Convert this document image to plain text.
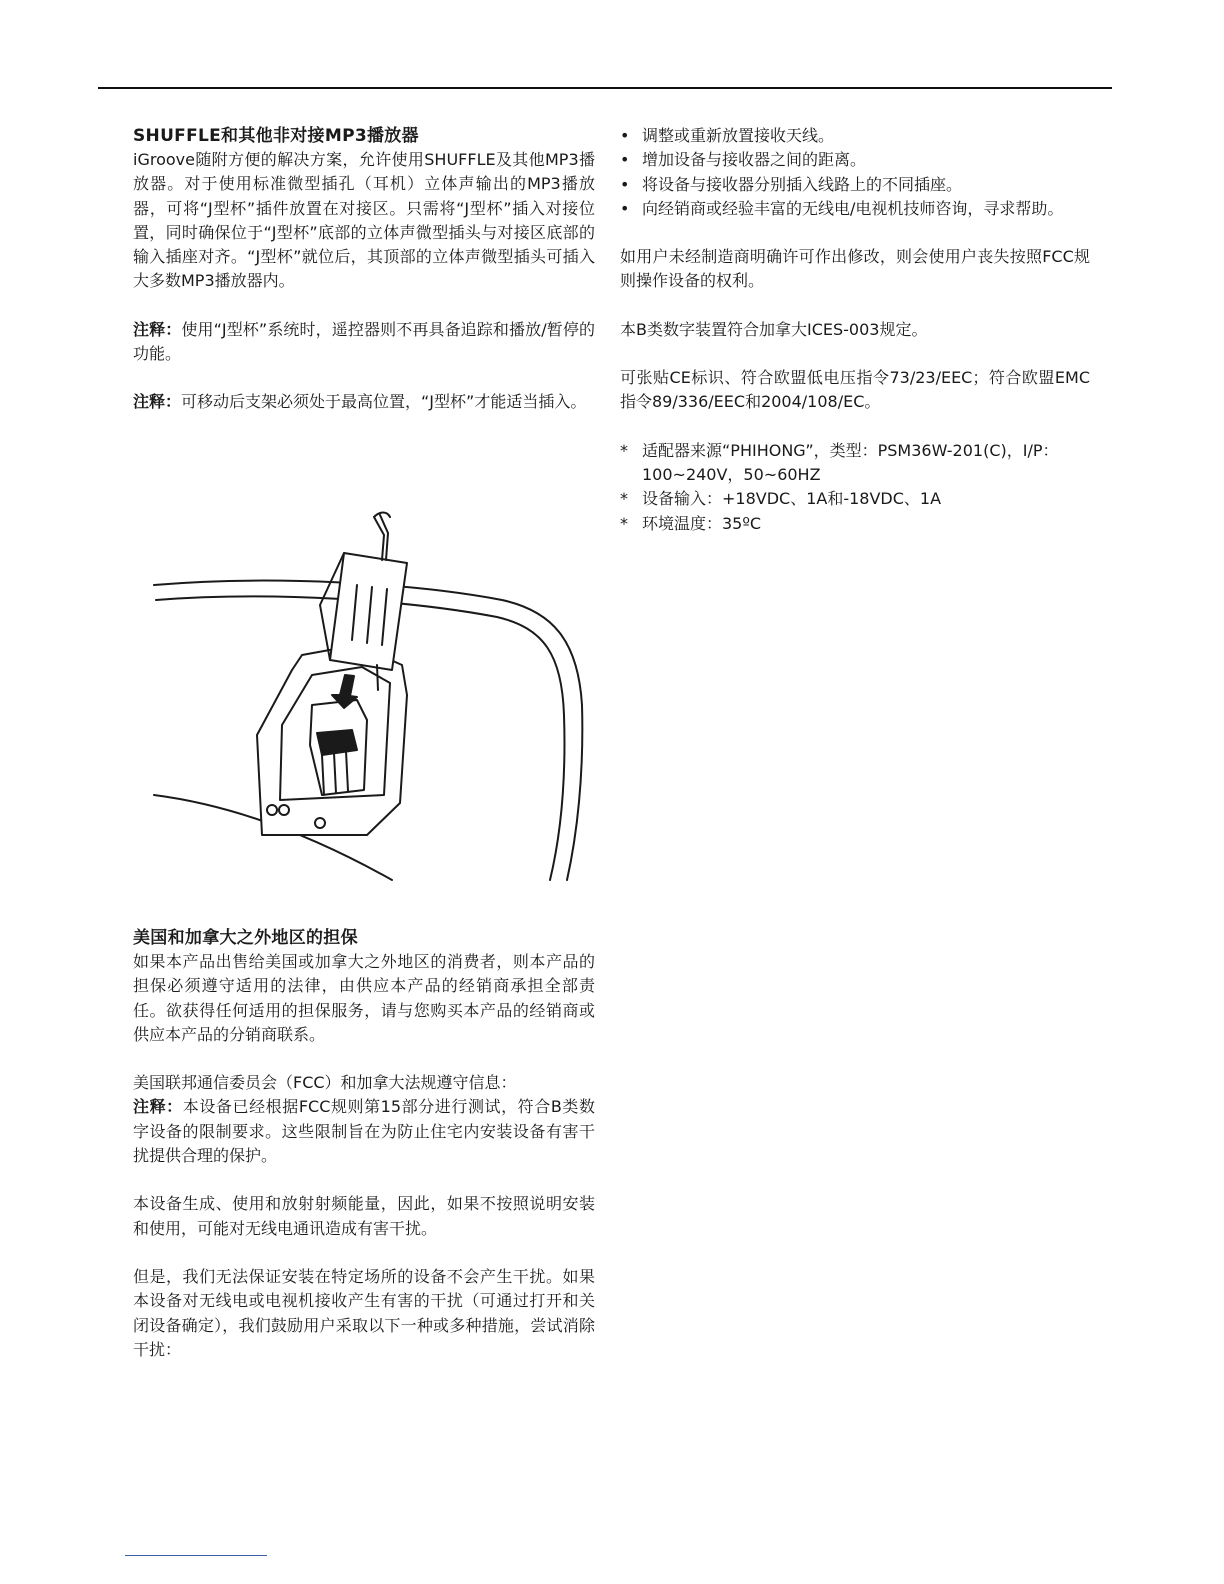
SHUFFLE和其他非对接MP3播放器

iGroove随附方便的解决方案，允许使用SHUFFLE及其他MP3播放器。对于使用标准微型插孔（耳机）立体声输出的MP3播放器，可将“J型杯”插件放置在对接区。只需将“J型杯”插入对接位置，同时确保位于“J型杯”底部的立体声微型插头与对接区底部的输入插座对齐。“J型杯”就位后，其顶部的立体声微型插头可插入大多数MP3播放器内。

注释：使用“J型杯”系统时，遥控器则不再具备追踪和播放/暂停的功能。

注释：可移动后支架必须处于最高位置，“J型杯”才能适当插入。

美国和加拿大之外地区的担保

如果本产品出售给美国或加拿大之外地区的消费者，则本产品的担保必须遵守适用的法律，由供应本产品的经销商承担全部责任。欲获得任何适用的担保服务，请与您购买本产品的经销商或供应本产品的分销商联系。

美国联邦通信委员会（FCC）和加拿大法规遵守信息：

注释：本设备已经根据FCC规则第15部分进行测试，符合B类数字设备的限制要求。这些限制旨在为防止住宅内安装设备有害干扰提供合理的保护。

本设备生成、使用和放射射频能量，因此，如果不按照说明安装和使用，可能对无线电通讯造成有害干扰。

但是，我们无法保证安装在特定场所的设备不会产生干扰。如果本设备对无线电或电视机接收产生有害的干扰（可通过打开和关闭设备确定），我们鼓励用户采取以下一种或多种措施，尝试消除干扰：

• 调整或重新放置接收天线。
• 增加设备与接收器之间的距离。
• 将设备与接收器分别插入线路上的不同插座。
• 向经销商或经验丰富的无线电/电视机技师咨询，寻求帮助。

如用户未经制造商明确许可作出修改，则会使用户丧失按照FCC规则操作设备的权利。

本B类数字装置符合加拿大ICES-003规定。

可张贴CE标识、符合欧盟低电压指令73/23/EEC；符合欧盟EMC指令89/336/EEC和2004/108/EC。

* 适配器来源“PHIHONG”，类型：PSM36W-201(C)，I/P：100~240V，50~60HZ
* 设备输入：+18VDC、1A和-18VDC、1A
* 环境温度：35ºC
